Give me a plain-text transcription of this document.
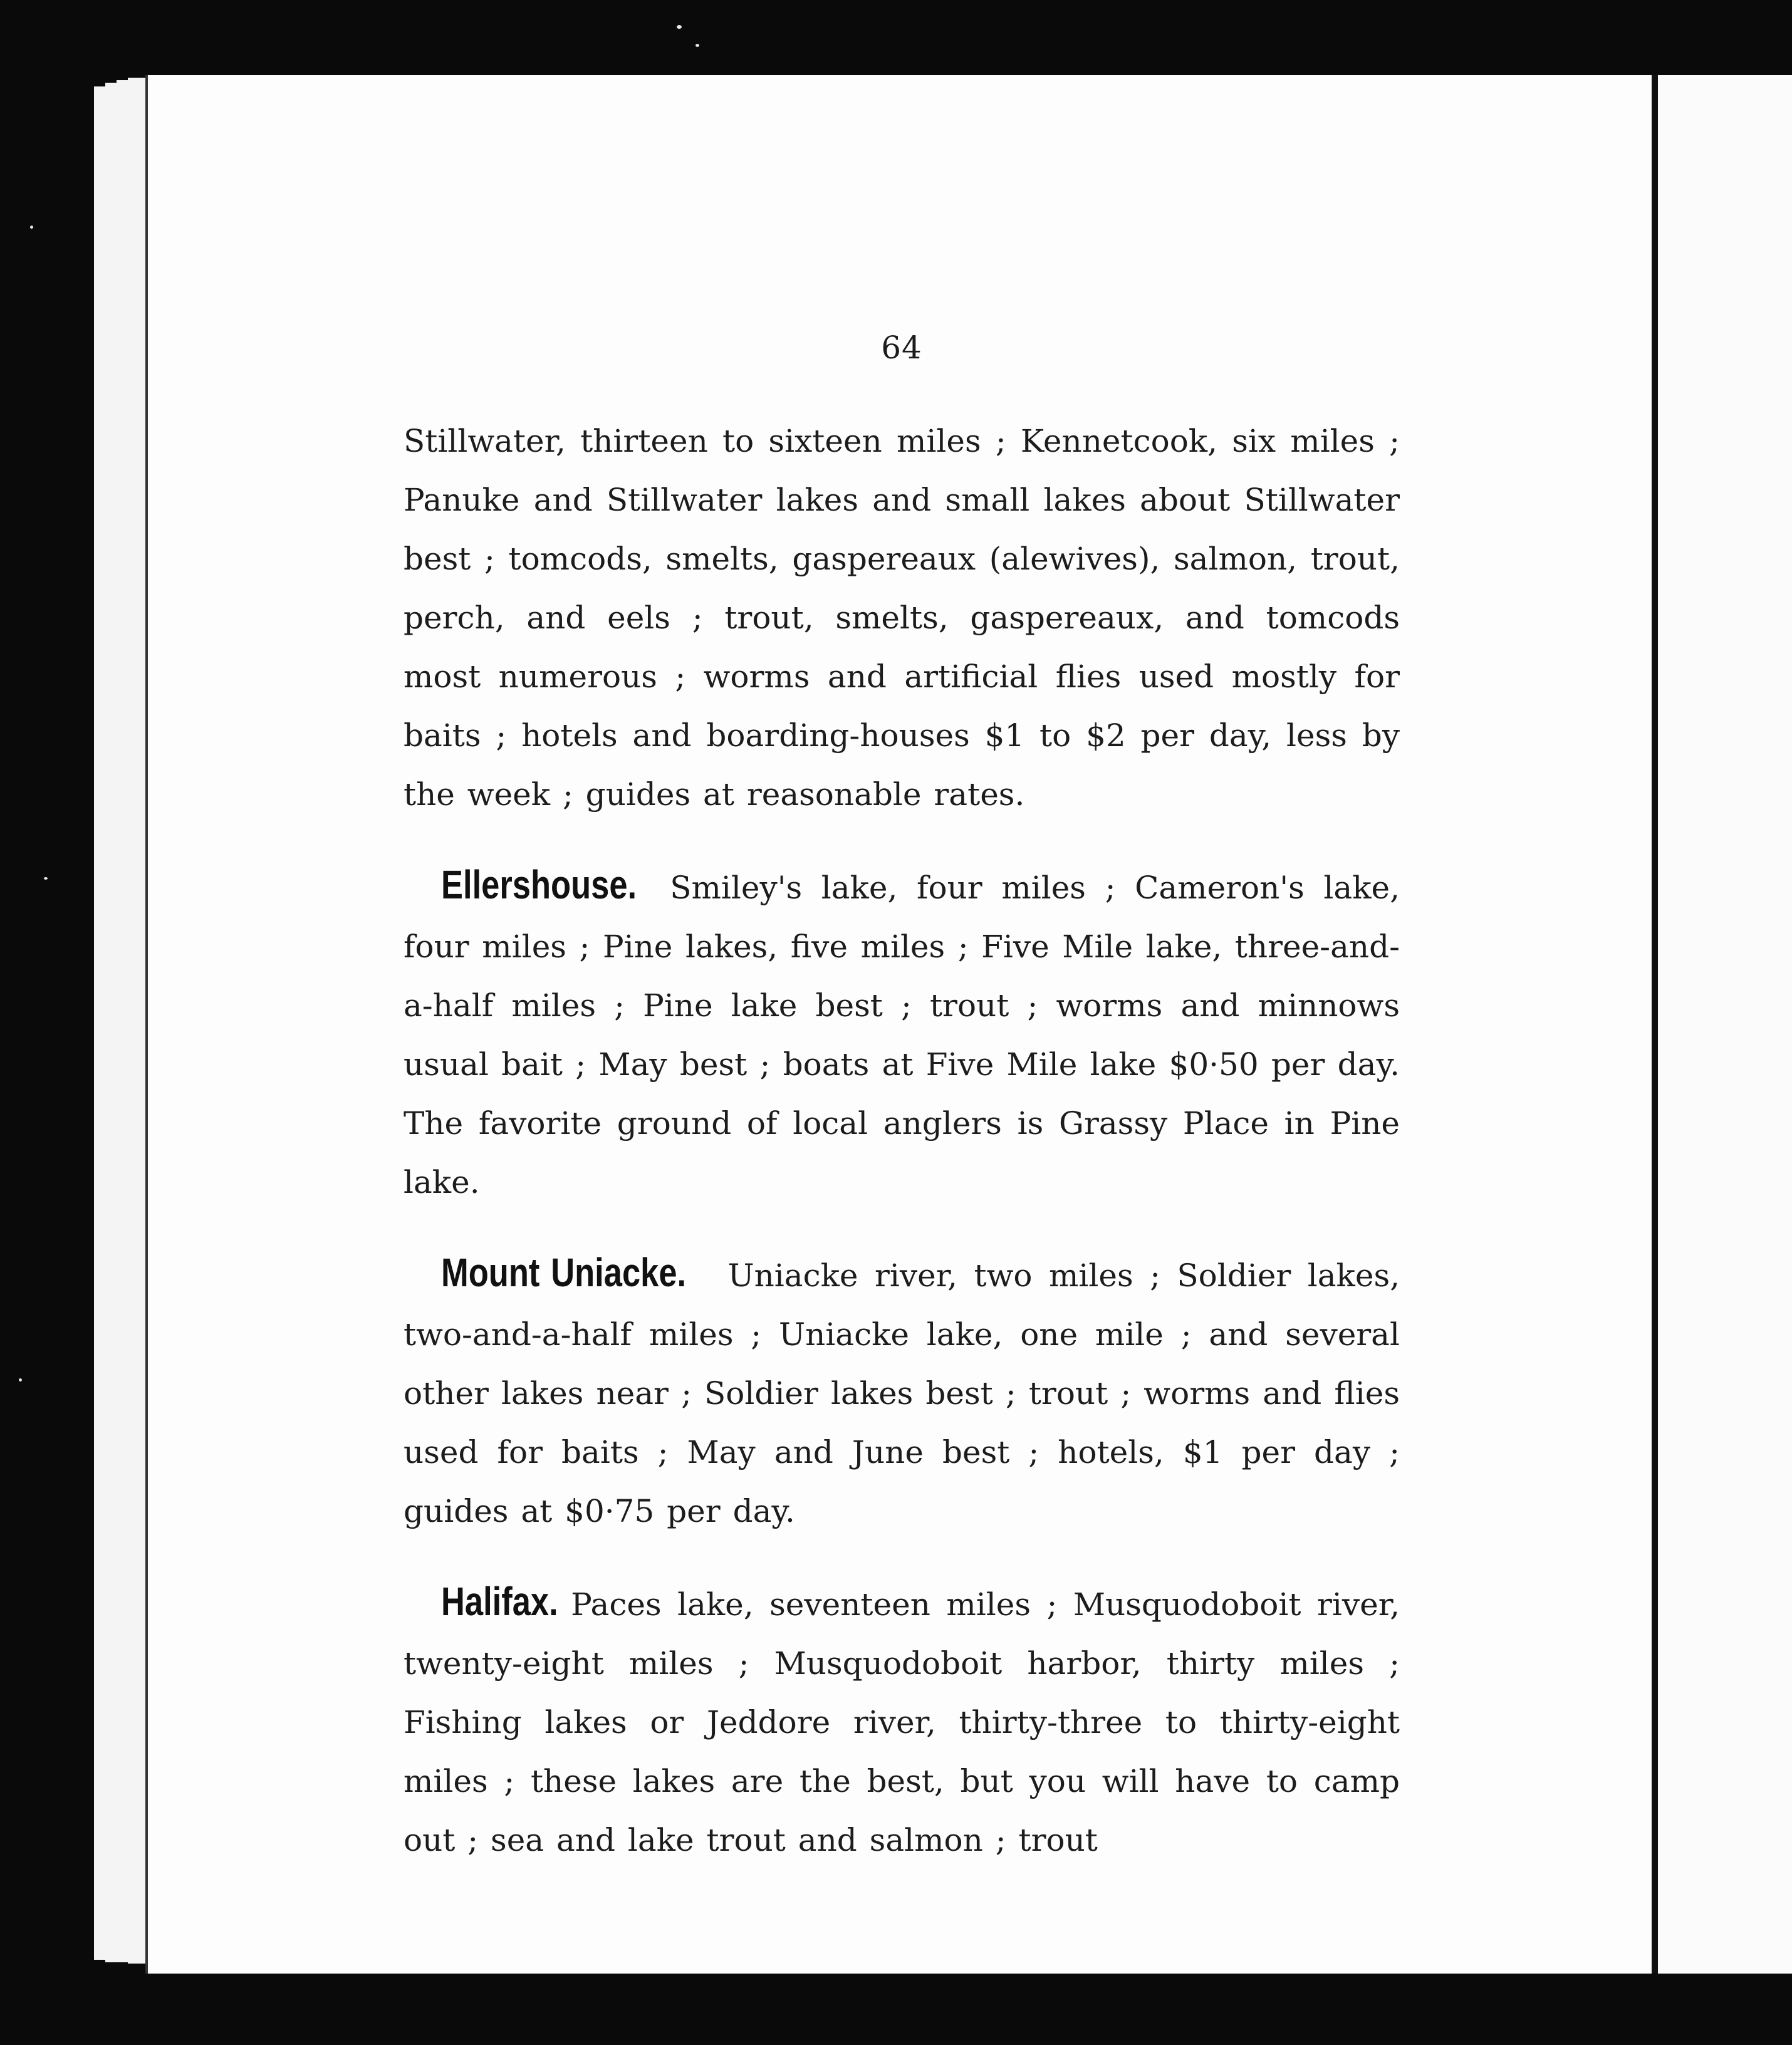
64

Stillwater, thirteen to sixteen miles ; Kennetcook, six miles ; Panuke and Stillwater lakes and small lakes about Stillwater best ; tomcods, smelts, gaspereaux (alewives), salmon, trout, perch, and eels ; trout, smelts, gaspereaux, and tomcods most numerous ; worms and artificial flies used mostly for baits ; hotels and boarding-houses $1 to $2 per day, less by the week ; guides at reasonable rates.

Ellershouse. Smiley's lake, four miles ; Cameron's lake, four miles ; Pine lakes, five miles ; Five Mile lake, three-and-a-half miles ; Pine lake best ; trout ; worms and minnows usual bait ; May best ; boats at Five Mile lake $0·50 per day. The favorite ground of local anglers is Grassy Place in Pine lake.

Mount Uniacke. Uniacke river, two miles ; Soldier lakes, two-and-a-half miles ; Uniacke lake, one mile ; and several other lakes near ; Soldier lakes best ; trout ; worms and flies used for baits ; May and June best ; hotels, $1 per day ; guides at $0·75 per day.

Halifax. Paces lake, seventeen miles ; Musquodoboit river, twenty-eight miles ; Musquodoboit harbor, thirty miles ; Fishing lakes or Jeddore river, thirty-three to thirty-eight miles ; these lakes are the best, but you will have to camp out ; sea and lake trout and salmon ; trout
